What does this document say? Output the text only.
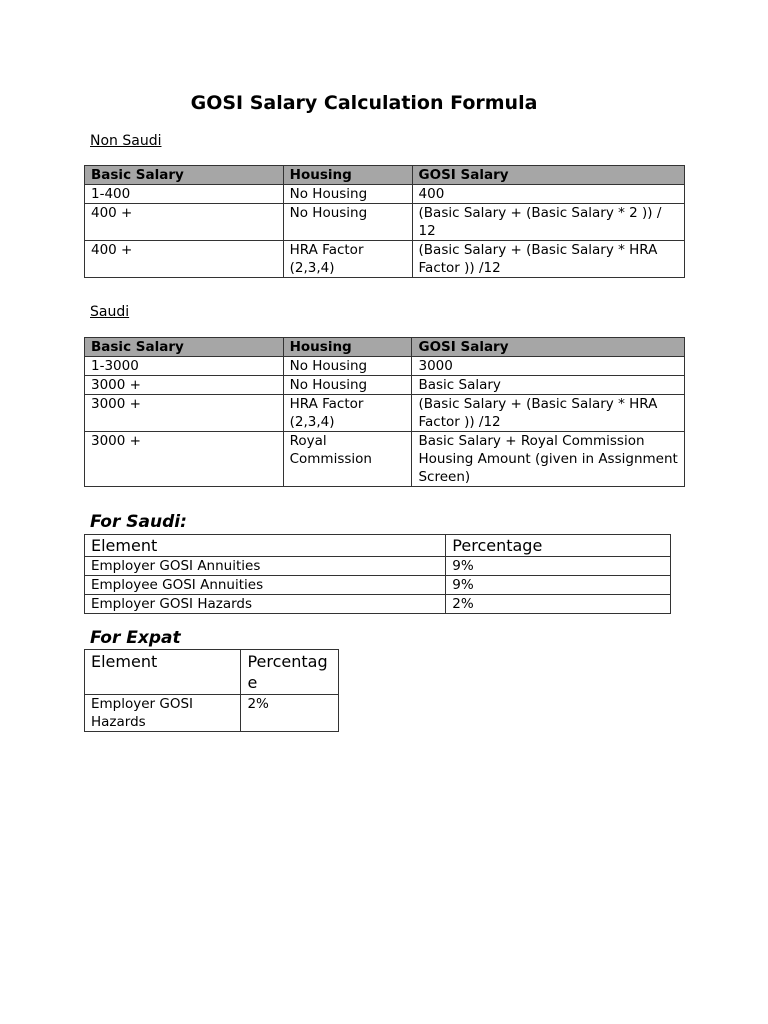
GOSI Salary Calculation Formula

Non Saudi

Basic Salary	Housing	GOSI Salary
1-400	No Housing	400
400 +	No Housing	(Basic Salary + (Basic Salary * 2 )) / 12
400 +	HRA Factor (2,3,4)	(Basic Salary + (Basic Salary * HRA Factor )) /12

Saudi

Basic Salary	Housing	GOSI Salary
1-3000	No Housing	3000
3000 +	No Housing	Basic Salary
3000 +	HRA Factor (2,3,4)	(Basic Salary + (Basic Salary * HRA Factor )) /12
3000 +	Royal Commission	Basic Salary + Royal Commission Housing Amount (given in Assignment Screen)

For Saudi:

Element	Percentage
Employer GOSI Annuities	9%
Employee GOSI Annuities	9%
Employer GOSI Hazards	2%

For Expat

Element	Percentage
Employer GOSI Hazards	2%
